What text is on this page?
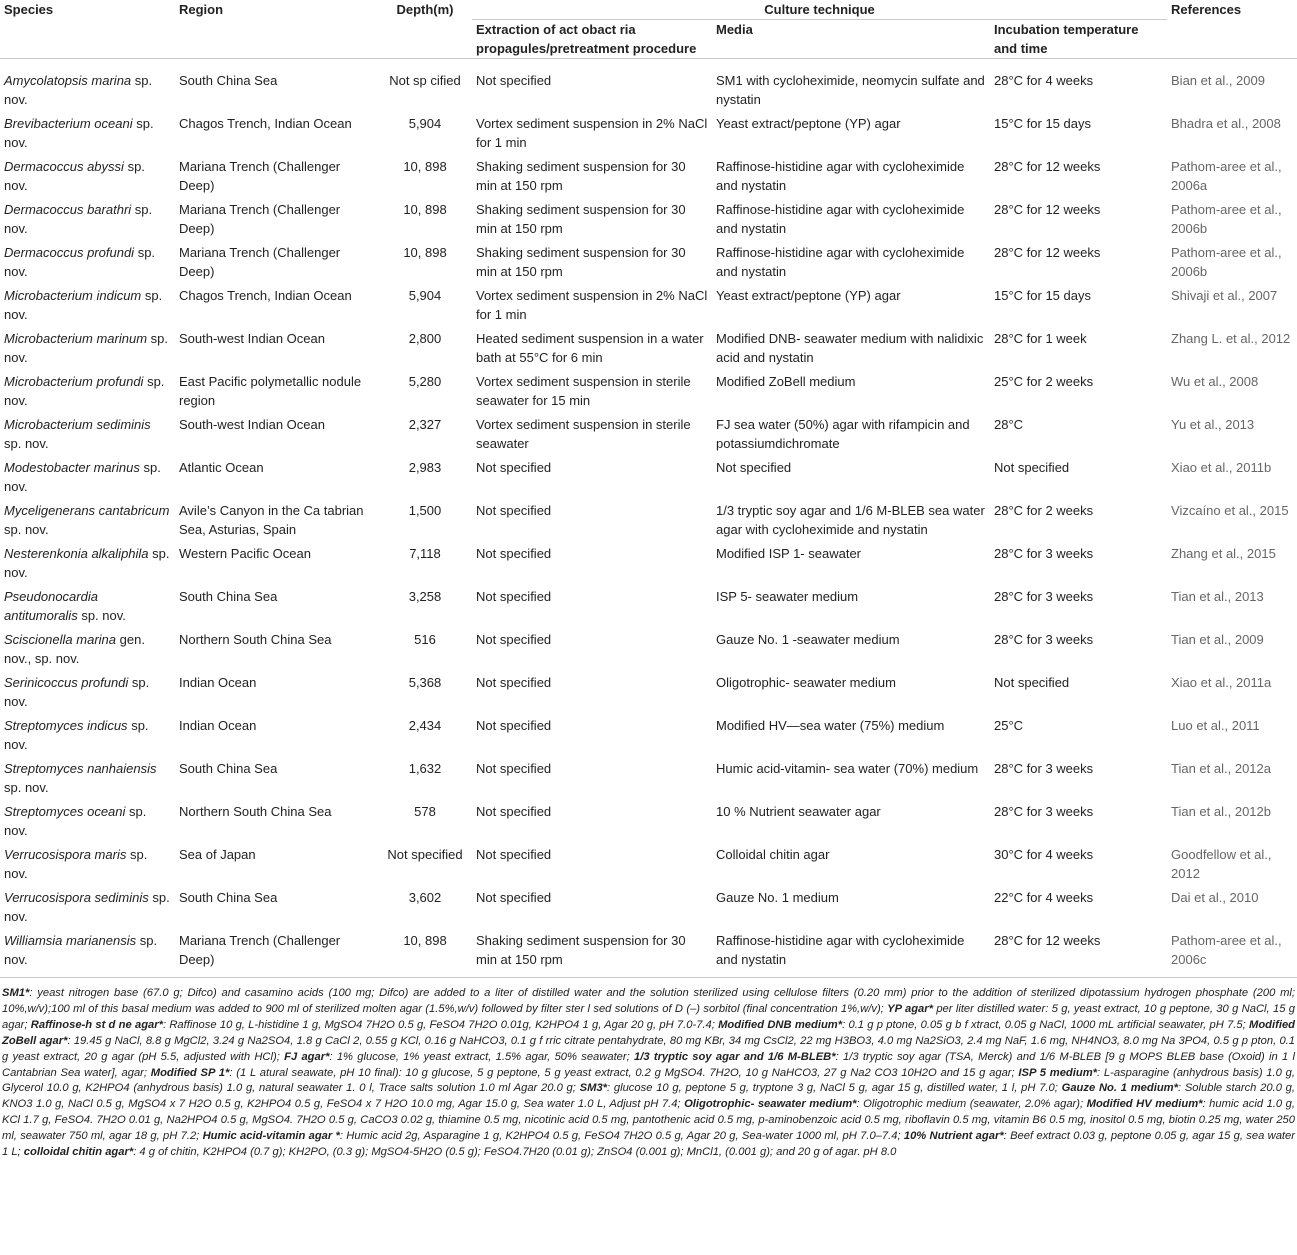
Species	Region	Depth(m)	Culture technique			References
			Extraction of act obact ria propagules/pretreatment procedure	Media	Incubation temperature and time	
Amycolatopsis marina sp. nov.	South China Sea	Not sp cified	Not specified	SM1 with cycloheximide, neomycin sulfate and nystatin	28°C for 4 weeks	Bian et al., 2009
Brevibacterium oceani sp. nov.	Chagos Trench, Indian Ocean	5,904	Vortex sediment suspension in 2% NaCl for 1 min	Yeast extract/peptone (YP) agar	15°C for 15 days	Bhadra et al., 2008
Dermacoccus abyssi sp. nov.	Mariana Trench (Challenger Deep)	10, 898	Shaking sediment suspension for 30 min at 150 rpm	Raffinose-histidine agar with cycloheximide and nystatin	28°C for 12 weeks	Pathom-aree et al., 2006a
Dermacoccus barathri sp. nov.	Mariana Trench (Challenger Deep)	10, 898	Shaking sediment suspension for 30 min at 150 rpm	Raffinose-histidine agar with cycloheximide and nystatin	28°C for 12 weeks	Pathom-aree et al., 2006b
Dermacoccus profundi sp. nov.	Mariana Trench (Challenger Deep)	10, 898	Shaking sediment suspension for 30 min at 150 rpm	Raffinose-histidine agar with cycloheximide and nystatin	28°C for 12 weeks	Pathom-aree et al., 2006b
Microbacterium indicum sp. nov.	Chagos Trench, Indian Ocean	5,904	Vortex sediment suspension in 2% NaCl for 1 min	Yeast extract/peptone (YP) agar	15°C for 15 days	Shivaji et al., 2007
Microbacterium marinum sp. nov.	South-west Indian Ocean	2,800	Heated sediment suspension in a water bath at 55°C for 6 min	Modified DNB- seawater medium with nalidixic acid and nystatin	28°C for 1 week	Zhang L. et al., 2012
Microbacterium profundi sp. nov.	East Pacific polymetallic nodule region	5,280	Vortex sediment suspension in sterile seawater for 15 min	Modified ZoBell medium	25°C for 2 weeks	Wu et al., 2008
Microbacterium sediminis sp. nov.	South-west Indian Ocean	2,327	Vortex sediment suspension in sterile seawater	FJ sea water (50%) agar with rifampicin and potassiumdichromate	28°C	Yu et al., 2013
Modestobacter marinus sp. nov.	Atlantic Ocean	2,983	Not specified	Not specified	Not specified	Xiao et al., 2011b
Myceligenerans cantabricum sp. nov.	Avile’s Canyon in the Ca tabrian Sea, Asturias, Spain	1,500	Not specified	1/3 tryptic soy agar and 1/6 M-BLEB sea water agar with cycloheximide and nystatin	28°C for 2 weeks	Vizcaíno et al., 2015
Nesterenkonia alkaliphila sp. nov.	Western Pacific Ocean	7,118	Not specified	Modified ISP 1- seawater	28°C for 3 weeks	Zhang et al., 2015
Pseudonocardia antitumoralis sp. nov.	South China Sea	3,258	Not specified	ISP 5- seawater medium	28°C for 3 weeks	Tian et al., 2013
Sciscionella marina gen. nov., sp. nov.	Northern South China Sea	516	Not specified	Gauze No. 1 -seawater medium	28°C for 3 weeks	Tian et al., 2009
Serinicoccus profundi sp. nov.	Indian Ocean	5,368	Not specified	Oligotrophic- seawater medium	Not specified	Xiao et al., 2011a
Streptomyces indicus sp. nov.	Indian Ocean	2,434	Not specified	Modified HV—sea water (75%) medium	25°C	Luo et al., 2011
Streptomyces nanhaiensis sp. nov.	South China Sea	1,632	Not specified	Humic acid-vitamin- sea water (70%) medium	28°C for 3 weeks	Tian et al., 2012a
Streptomyces oceani sp. nov.	Northern South China Sea	578	Not specified	10 % Nutrient seawater agar	28°C for 3 weeks	Tian et al., 2012b
Verrucosispora maris sp. nov.	Sea of Japan	Not specified	Not specified	Colloidal chitin agar	30°C for 4 weeks	Goodfellow et al., 2012
Verrucosispora sediminis sp. nov.	South China Sea	3,602	Not specified	Gauze No. 1 medium	22°C for 4 weeks	Dai et al., 2010
Williamsia marianensis sp. nov.	Mariana Trench (Challenger Deep)	10, 898	Shaking sediment suspension for 30 min at 150 rpm	Raffinose-histidine agar with cycloheximide and nystatin	28°C for 12 weeks	Pathom-aree et al., 2006c
SM1*: yeast nitrogen base (67.0 g; Difco) and casamino acids (100 mg; Difco) are added to a liter of distilled water and the solution sterilized using cellulose filters (0.20 mm) prior to the addition of sterilized dipotassium hydrogen phosphate (200 ml; 10%,w/v);100 ml of this basal medium was added to 900 ml of sterilized molten agar (1.5%,w/v) followed by filter ster l sed solutions of D (–) sorbitol (final concentration 1%,w/v); YP agar* per liter distilled water: 5 g, yeast extract, 10 g peptone, 30 g NaCl, 15 g agar; Raffinose-h st d ne agar*: Raffinose 10 g, L-histidine 1 g, MgSO4 7H2O 0.5 g, FeSO4 7H2O 0.01g, K2HPO4 1 g, Agar 20 g, pH 7.0-7.4; Modified DNB medium*: 0.1 g p ptone, 0.05 g b f xtract, 0.05 g NaCl, 1000 mL artificial seawater, pH 7.5; Modified ZoBell agar*: 19.45 g NaCl, 8.8 g MgCl2, 3.24 g Na2SO4, 1.8 g CaCl 2, 0.55 g KCl, 0.16 g NaHCO3, 0.1 g f rric citrate pentahydrate, 80 mg KBr, 34 mg CsCl2, 22 mg H3BO3, 4.0 mg Na2SiO3, 2.4 mg NaF, 1.6 mg, NH4NO3, 8.0 mg Na 3PO4, 0.5 g p pton, 0.1 g yeast extract, 20 g agar (pH 5.5, adjusted with HCl); FJ agar*: 1% glucose, 1% yeast extract, 1.5% agar, 50% seawater; 1/3 tryptic soy agar and 1/6 M-BLEB*: 1/3 tryptic soy agar (TSA, Merck) and 1/6 M-BLEB [9 g MOPS BLEB base (Oxoid) in 1 l Cantabrian Sea water], agar; Modified SP 1*: (1 L atural seawate, pH 10 final): 10 g glucose, 5 g peptone, 5 g yeast extract, 0.2 g MgSO4. 7H2O, 10 g NaHCO3, 27 g Na2 CO3 10H2O and 15 g agar; ISP 5 medium*: L-asparagine (anhydrous basis) 1.0 g, Glycerol 10.0 g, K2HPO4 (anhydrous basis) 1.0 g, natural seawater 1. 0 l, Trace salts solution 1.0 ml Agar 20.0 g; SM3*: glucose 10 g, peptone 5 g, tryptone 3 g, NaCl 5 g, agar 15 g, distilled water, 1 l, pH 7.0; Gauze No. 1 medium*: Soluble starch 20.0 g, KNO3 1.0 g, NaCl 0.5 g, MgSO4 x 7 H2O 0.5 g, K2HPO4 0.5 g, FeSO4 x 7 H2O 10.0 mg, Agar 15.0 g, Sea water 1.0 L, Adjust pH 7.4; Oligotrophic- seawater medium*: Oligotrophic medium (seawater, 2.0% agar); Modified HV medium*: humic acid 1.0 g, KCl 1.7 g, FeSO4. 7H2O 0.01 g, Na2HPO4 0.5 g, MgSO4. 7H2O 0.5 g, CaCO3 0.02 g, thiamine 0.5 mg, nicotinic acid 0.5 mg, pantothenic acid 0.5 mg, p-aminobenzoic acid 0.5 mg, riboflavin 0.5 mg, vitamin B6 0.5 mg, inositol 0.5 mg, biotin 0.25 mg, water 250 ml, seawater 750 ml, agar 18 g, pH 7.2; Humic acid-vitamin agar *: Humic acid 2g, Asparagine 1 g, K2HPO4 0.5 g, FeSO4 7H2O 0.5 g, Agar 20 g, Sea-water 1000 ml, pH 7.0–7.4; 10% Nutrient agar*: Beef extract 0.03 g, peptone 0.05 g, agar 15 g, sea water 1 L; colloidal chitin agar*: 4 g of chitin, K2HPO4 (0.7 g); KH2PO, (0.3 g); MgSO4-5H2O (0.5 g); FeSO4.7H20 (0.01 g); ZnSO4 (0.001 g); MnCl1, (0.001 g); and 20 g of agar. pH 8.0
